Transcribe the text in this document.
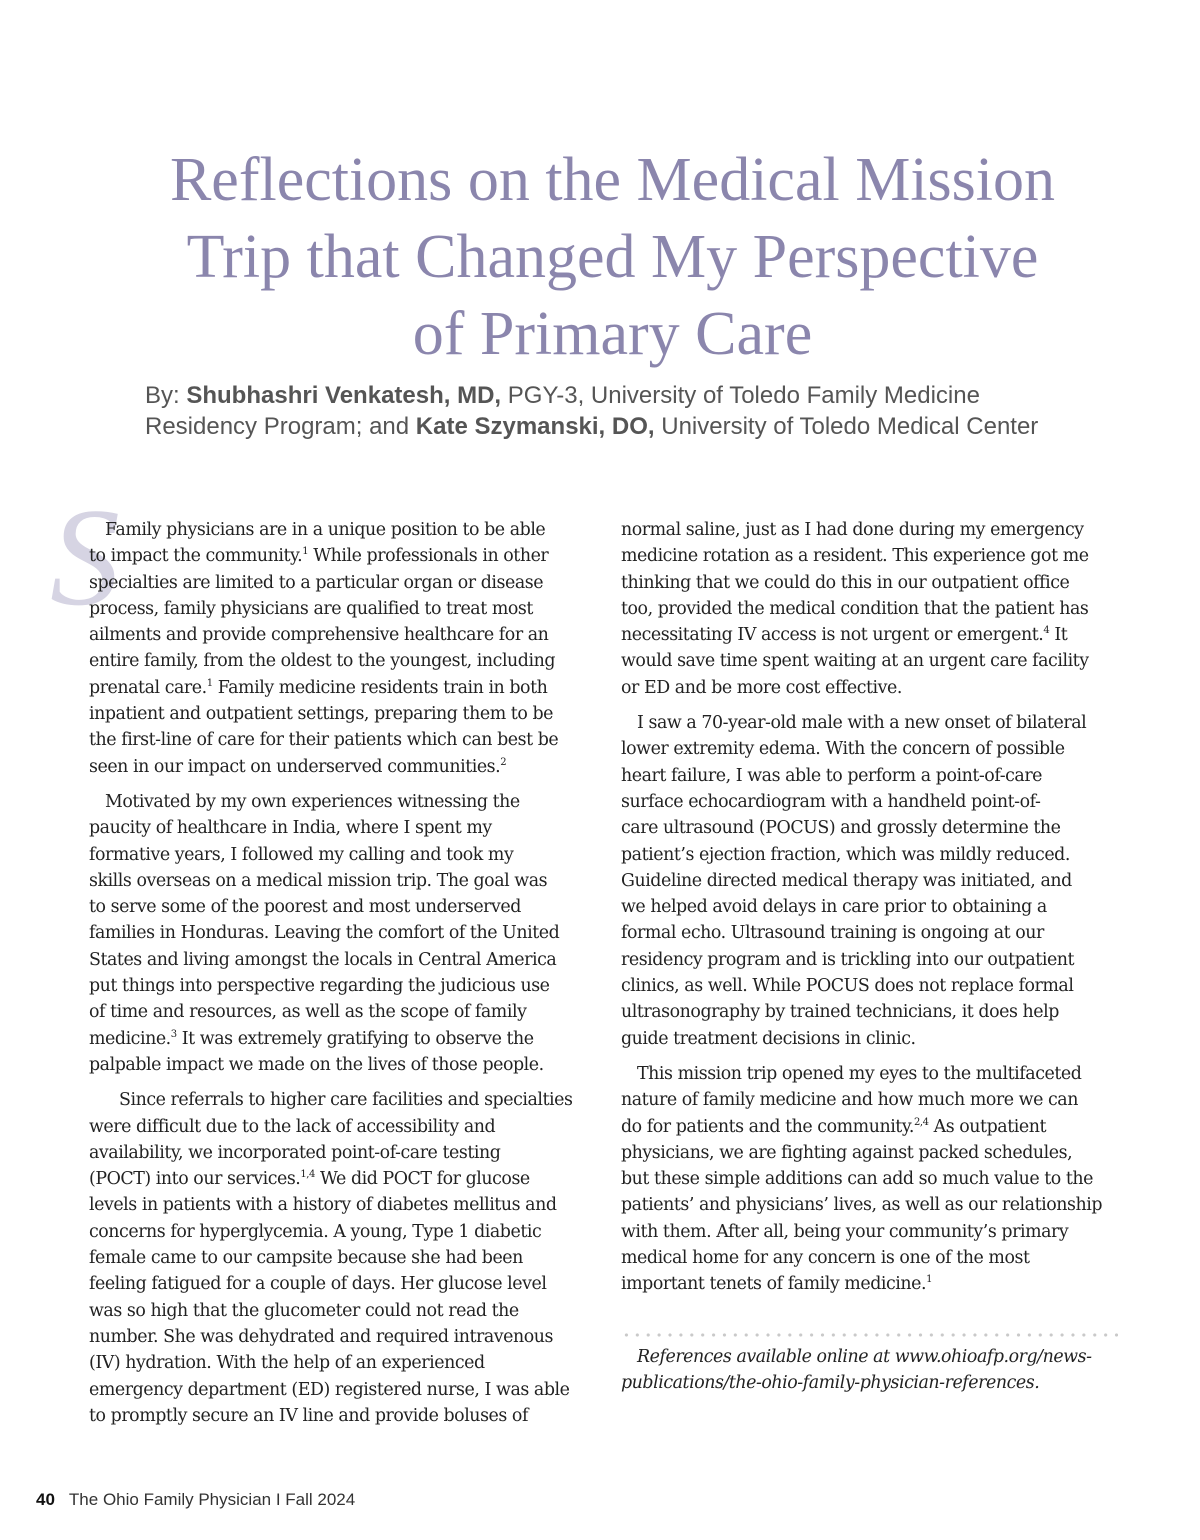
Reflections on the Medical Mission
Trip that Changed My Perspective
of Primary Care
By: Shubhashri Venkatesh, MD, PGY-3, University of Toledo Family Medicine
Residency Program; and Kate Szymanski, DO, University of Toledo Medical Center
S

Family physicians are in a unique position to be able
to impact the community.$^1$ While professionals in other
specialties are limited to a particular organ or disease
process, family physicians are qualified to treat most
ailments and provide comprehensive healthcare for an
entire family, from the oldest to the youngest, including
prenatal care.$^1$ Family medicine residents train in both
inpatient and outpatient settings, preparing them to be
the first-line of care for their patients which can best be
seen in our impact on underserved communities.$^2$

Motivated by my own experiences witnessing the
paucity of healthcare in India, where I spent my
formative years, I followed my calling and took my
skills overseas on a medical mission trip. The goal was
to serve some of the poorest and most underserved
families in Honduras. Leaving the comfort of the United
States and living amongst the locals in Central America
put things into perspective regarding the judicious use
of time and resources, as well as the scope of family
medicine.$^3$ It was extremely gratifying to observe the
palpable impact we made on the lives of those people.

Since referrals to higher care facilities and specialties
were difficult due to the lack of accessibility and
availability, we incorporated point-of-care testing
(POCT) into our services.$^{1,4}$ We did POCT for glucose
levels in patients with a history of diabetes mellitus and
concerns for hyperglycemia. A young, Type 1 diabetic
female came to our campsite because she had been
feeling fatigued for a couple of days. Her glucose level
was so high that the glucometer could not read the
number. She was dehydrated and required intravenous
(IV) hydration. With the help of an experienced
emergency department (ED) registered nurse, I was able
to promptly secure an IV line and provide boluses of

normal saline, just as I had done during my emergency
medicine rotation as a resident. This experience got me
thinking that we could do this in our outpatient office
too, provided the medical condition that the patient has
necessitating IV access is not urgent or emergent.$^4$ It
would save time spent waiting at an urgent care facility
or ED and be more cost effective.

I saw a 70-year-old male with a new onset of bilateral
lower extremity edema. With the concern of possible
heart failure, I was able to perform a point-of-care
surface echocardiogram with a handheld point-of-
care ultrasound (POCUS) and grossly determine the
patient’s ejection fraction, which was mildly reduced.
Guideline directed medical therapy was initiated, and
we helped avoid delays in care prior to obtaining a
formal echo. Ultrasound training is ongoing at our
residency program and is trickling into our outpatient
clinics, as well. While POCUS does not replace formal
ultrasonography by trained technicians, it does help
guide treatment decisions in clinic.

This mission trip opened my eyes to the multifaceted
nature of family medicine and how much more we can
do for patients and the community.$^{2,4}$ As outpatient
physicians, we are fighting against packed schedules,
but these simple additions can add so much value to the
patients’ and physicians’ lives, as well as our relationship
with them. After all, being your community’s primary
medical home for any concern is one of the most
important tenets of family medicine.$^1$

References available online at www.ohioafp.org/news-
publications/the-ohio-family-physician-references.
40 The Ohio Family Physician I Fall 2024
